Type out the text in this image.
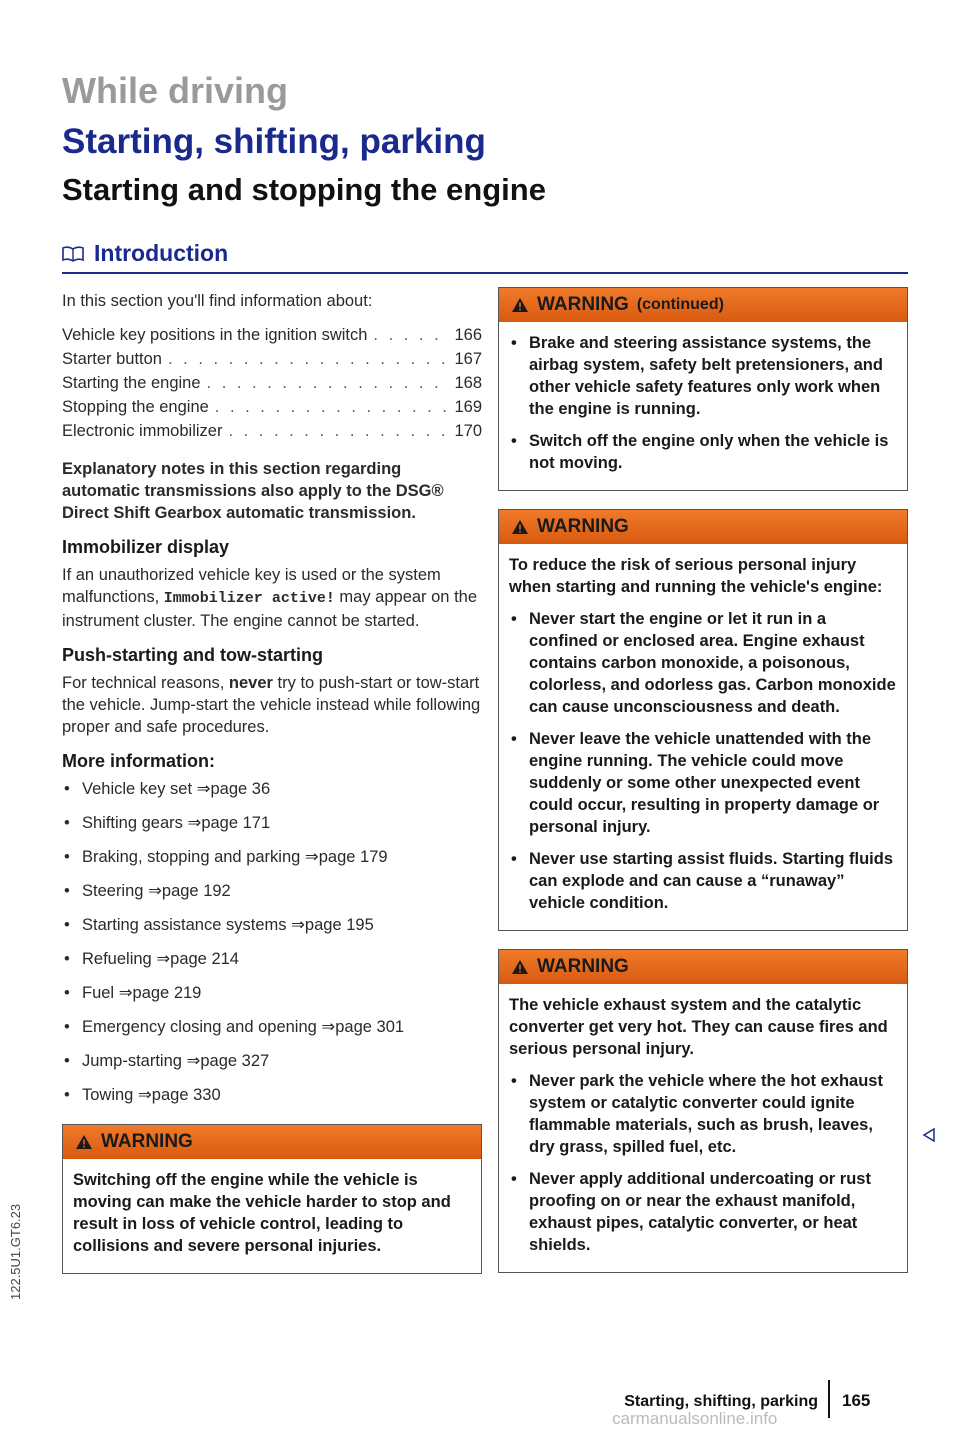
While driving
Starting, shifting, parking
Starting and stopping the engine
Introduction

In this section you'll find information about:

Vehicle key positions in the ignition switch . . .	166
Starter button . . .	167
Starting the engine . . .	168
Stopping the engine . . .	169
Electronic immobilizer . . .	170

Explanatory notes in this section regarding automatic transmissions also apply to the DSG® Direct Shift Gearbox automatic transmission.

Immobilizer display

If an unauthorized vehicle key is used or the system malfunctions, Immobilizer active! may appear on the instrument cluster. The engine cannot be started.

Push-starting and tow-starting

For technical reasons, never try to push-start or tow-start the vehicle. Jump-start the vehicle instead while following proper and safe procedures.

More information:
• Vehicle key set ⇒page 36
• Shifting gears ⇒page 171
• Braking, stopping and parking ⇒page 179
• Steering ⇒page 192
• Starting assistance systems ⇒page 195
• Refueling ⇒page 214
• Fuel ⇒page 219
• Emergency closing and opening ⇒page 301
• Jump-starting ⇒page 327
• Towing ⇒page 330
WARNING

Switching off the engine while the vehicle is moving can make the vehicle harder to stop and result in loss of vehicle control, leading to collisions and severe personal injuries.

WARNING (continued)
• Brake and steering assistance systems, the airbag system, safety belt pretensioners, and other vehicle safety features only work when the engine is running.
• Switch off the engine only when the vehicle is not moving.
WARNING

To reduce the risk of serious personal injury when starting and running the vehicle's engine:

• Never start the engine or let it run in a confined or enclosed area. Engine exhaust contains carbon monoxide, a poisonous, colorless, and odorless gas. Carbon monoxide can cause unconsciousness and death.
• Never leave the vehicle unattended with the engine running. The vehicle could move suddenly or some other unexpected event could occur, resulting in property damage or personal injury.
• Never use starting assist fluids. Starting fluids can explode and can cause a “runaway” vehicle condition.
WARNING

The vehicle exhaust system and the catalytic converter get very hot. They can cause fires and serious personal injury.

• Never park the vehicle where the hot exhaust system or catalytic converter could ignite flammable materials, such as brush, leaves, dry grass, spilled fuel, etc.
• Never apply additional undercoating or rust proofing on or near the exhaust manifold, exhaust pipes, catalytic converter, or heat shields.
122.5U1.GT6.23
Starting, shifting, parking 165
carmanualsonline.info
